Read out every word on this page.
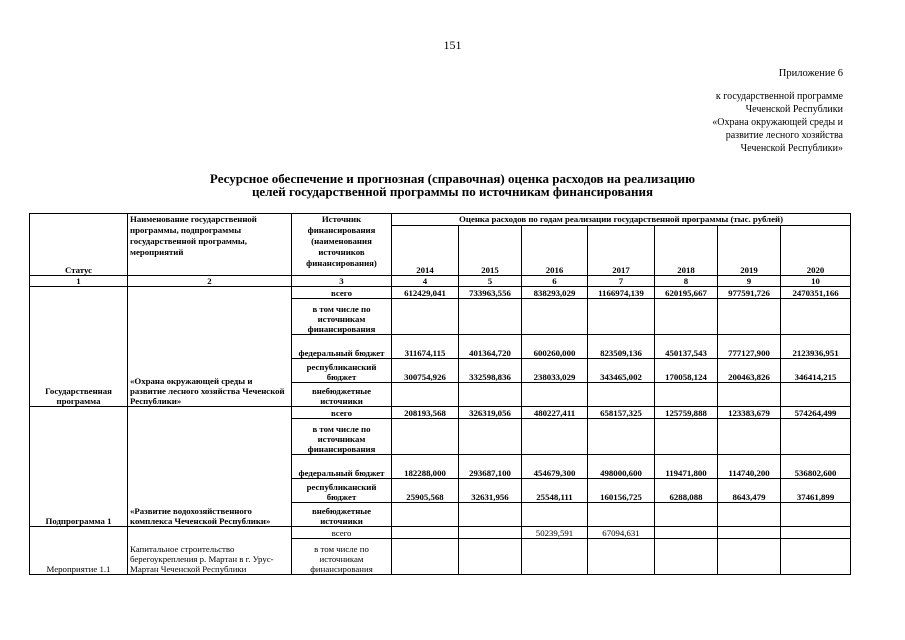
151
Приложение 6
к государственной программе
Чеченской Республики
«Охрана окружающей среды и
развитие лесного хозяйства
Чеченской Республики»
Ресурсное обеспечение и прогнозная (справочная) оценка расходов на реализацию
целей государственной программы по источникам финансирования
Статус	Наименование государственной программы, подпрограммы государственной программы, мероприятий	Источник финансирования (наименования источников финансирования)	Оценка расходов по годам реализации государственной программы (тыс. рублей)						
			2014	2015	2016	2017	2018	2019	2020
1	2	3	4	5	6	7	8	9	10
Государственная программа	«Охрана окружающей среды и развитие лесного хозяйства Чеченской Республики»	всего	612429,041	733963,556	838293,029	1166974,139	620195,667	977591,726	2470351,166
		в том числе по источникам финансирования							
		федеральный бюджет	311674,115	401364,720	600260,000	823509,136	450137,543	777127,900	2123936,951
		республиканский бюджет	300754,926	332598,836	238033,029	343465,002	170058,124	200463,826	346414,215
		внебюджетные источники							
Подпрограмма 1	«Развитие водохозяйственного комплекса Чеченской Республики»	всего	208193,568	326319,056	480227,411	658157,325	125759,888	123383,679	574264,499
		в том числе по источникам финансирования							
		федеральный бюджет	182288,000	293687,100	454679,300	498000,600	119471,800	114740,200	536802,600
		республиканский бюджет	25905,568	32631,956	25548,111	160156,725	6288,088	8643,479	37461,899
		внебюджетные источники							
Мероприятие 1.1	Капитальное строительство берегоукрепления р. Мартан в г. Урус-Мартан Чеченской Республики	всего			50239,591	67094,631			
		в том числе по источникам финансирования							
